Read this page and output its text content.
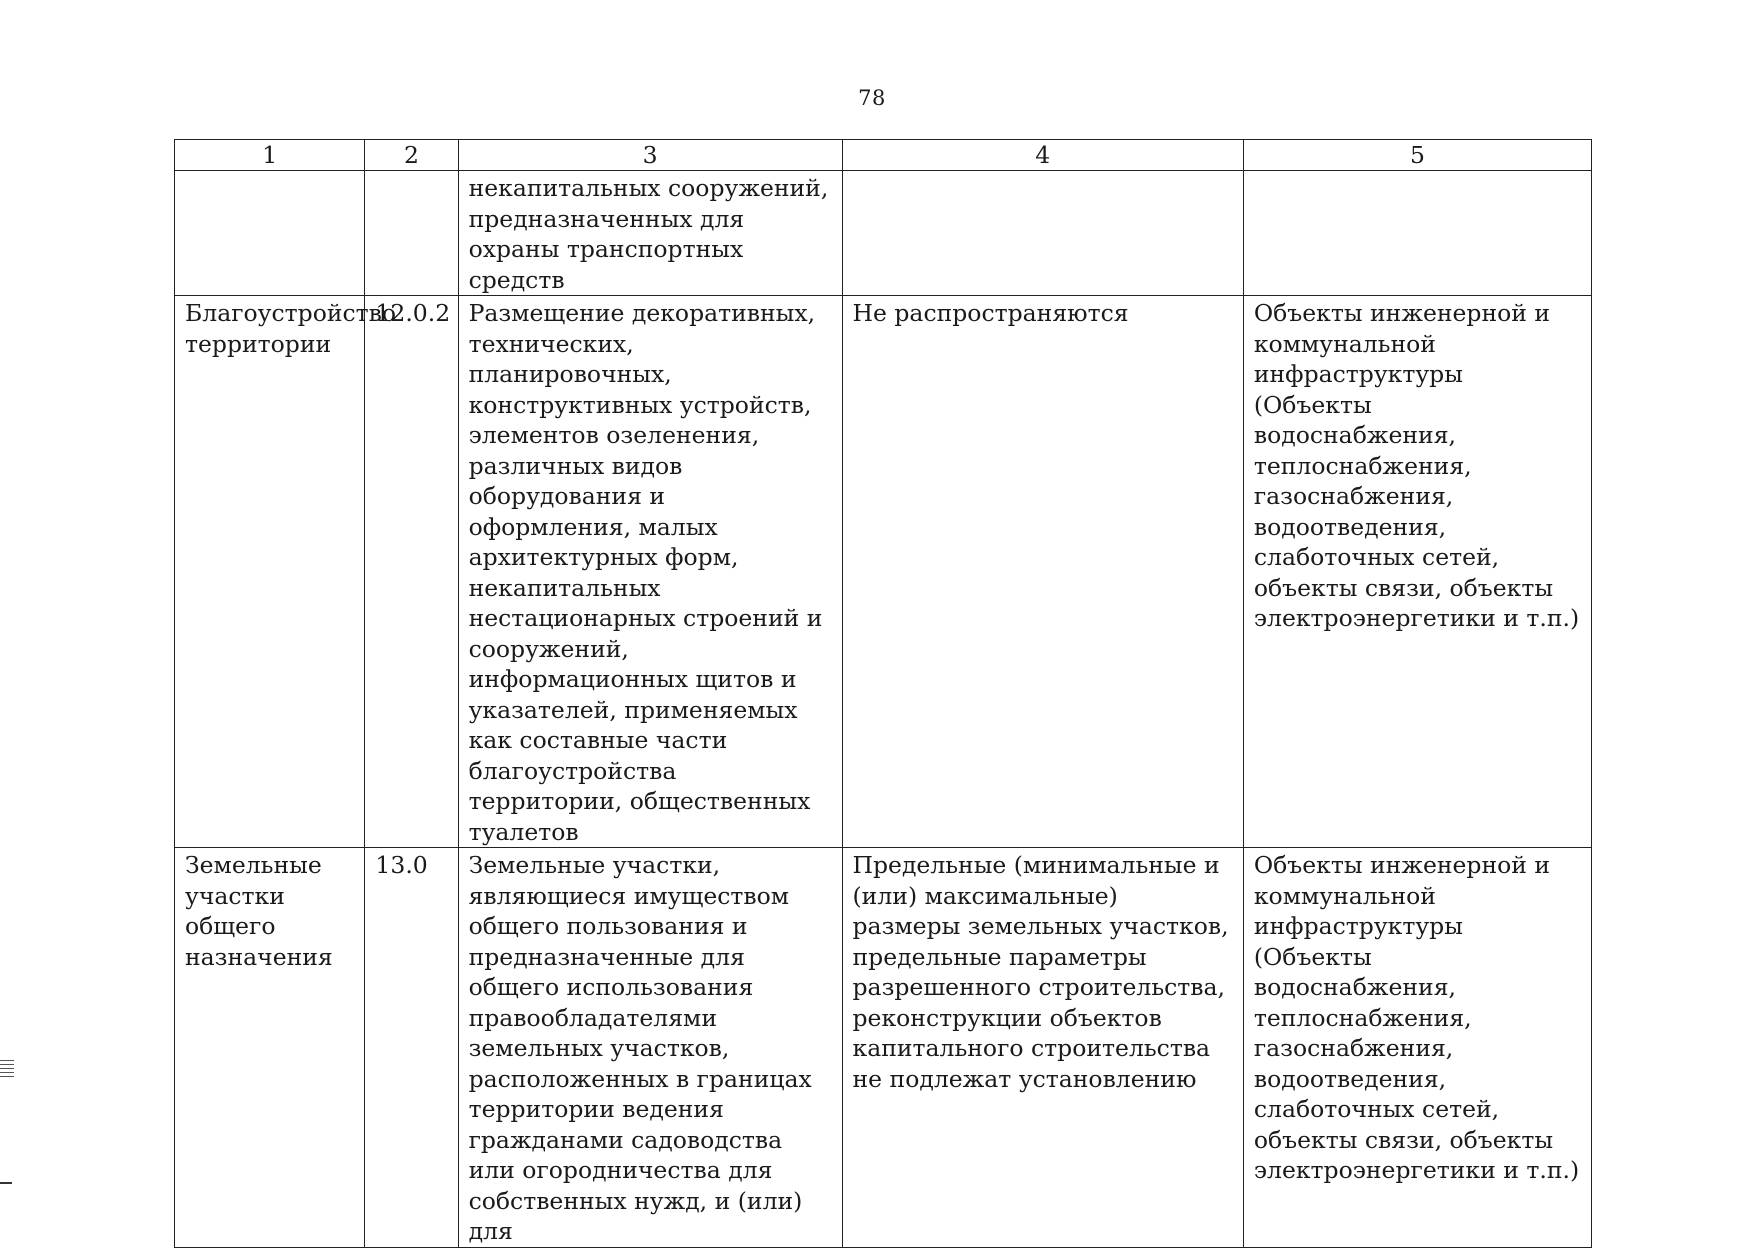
78
1	2	3	4	5
		некапитальных сооружений, предназначенных для охраны транспортных средств		
Благоустройство территории	12.0.2	Размещение декоративных, технических, планировочных, конструктивных устройств, элементов озеленения, различных видов оборудования и оформления, малых архитектурных форм, некапитальных нестационарных строений и сооружений, информационных щитов и указателей, применяемых как составные части благоустройства территории, общественных туалетов	Не распространяются	Объекты инженерной и коммунальной инфраструктуры (Объекты водоснабжения, теплоснабжения, газоснабжения, водоотведения, слаботочных сетей, объекты связи, объекты электроэнергетики и т.п.)
Земельные участки общего назначения	13.0	Земельные участки, являющиеся имуществом общего пользования и предназначенные для общего использования правообладателями земельных участков, расположенных в границах территории ведения гражданами садоводства или огородничества для собственных нужд, и (или) для	Предельные (минимальные и (или) максимальные) размеры земельных участков, предельные параметры разрешенного строительства, реконструкции объектов капитального строительства не подлежат установлению	Объекты инженерной и коммунальной инфраструктуры (Объекты водоснабжения, теплоснабжения, газоснабжения, водоотведения, слаботочных сетей, объекты связи, объекты электроэнергетики и т.п.)
